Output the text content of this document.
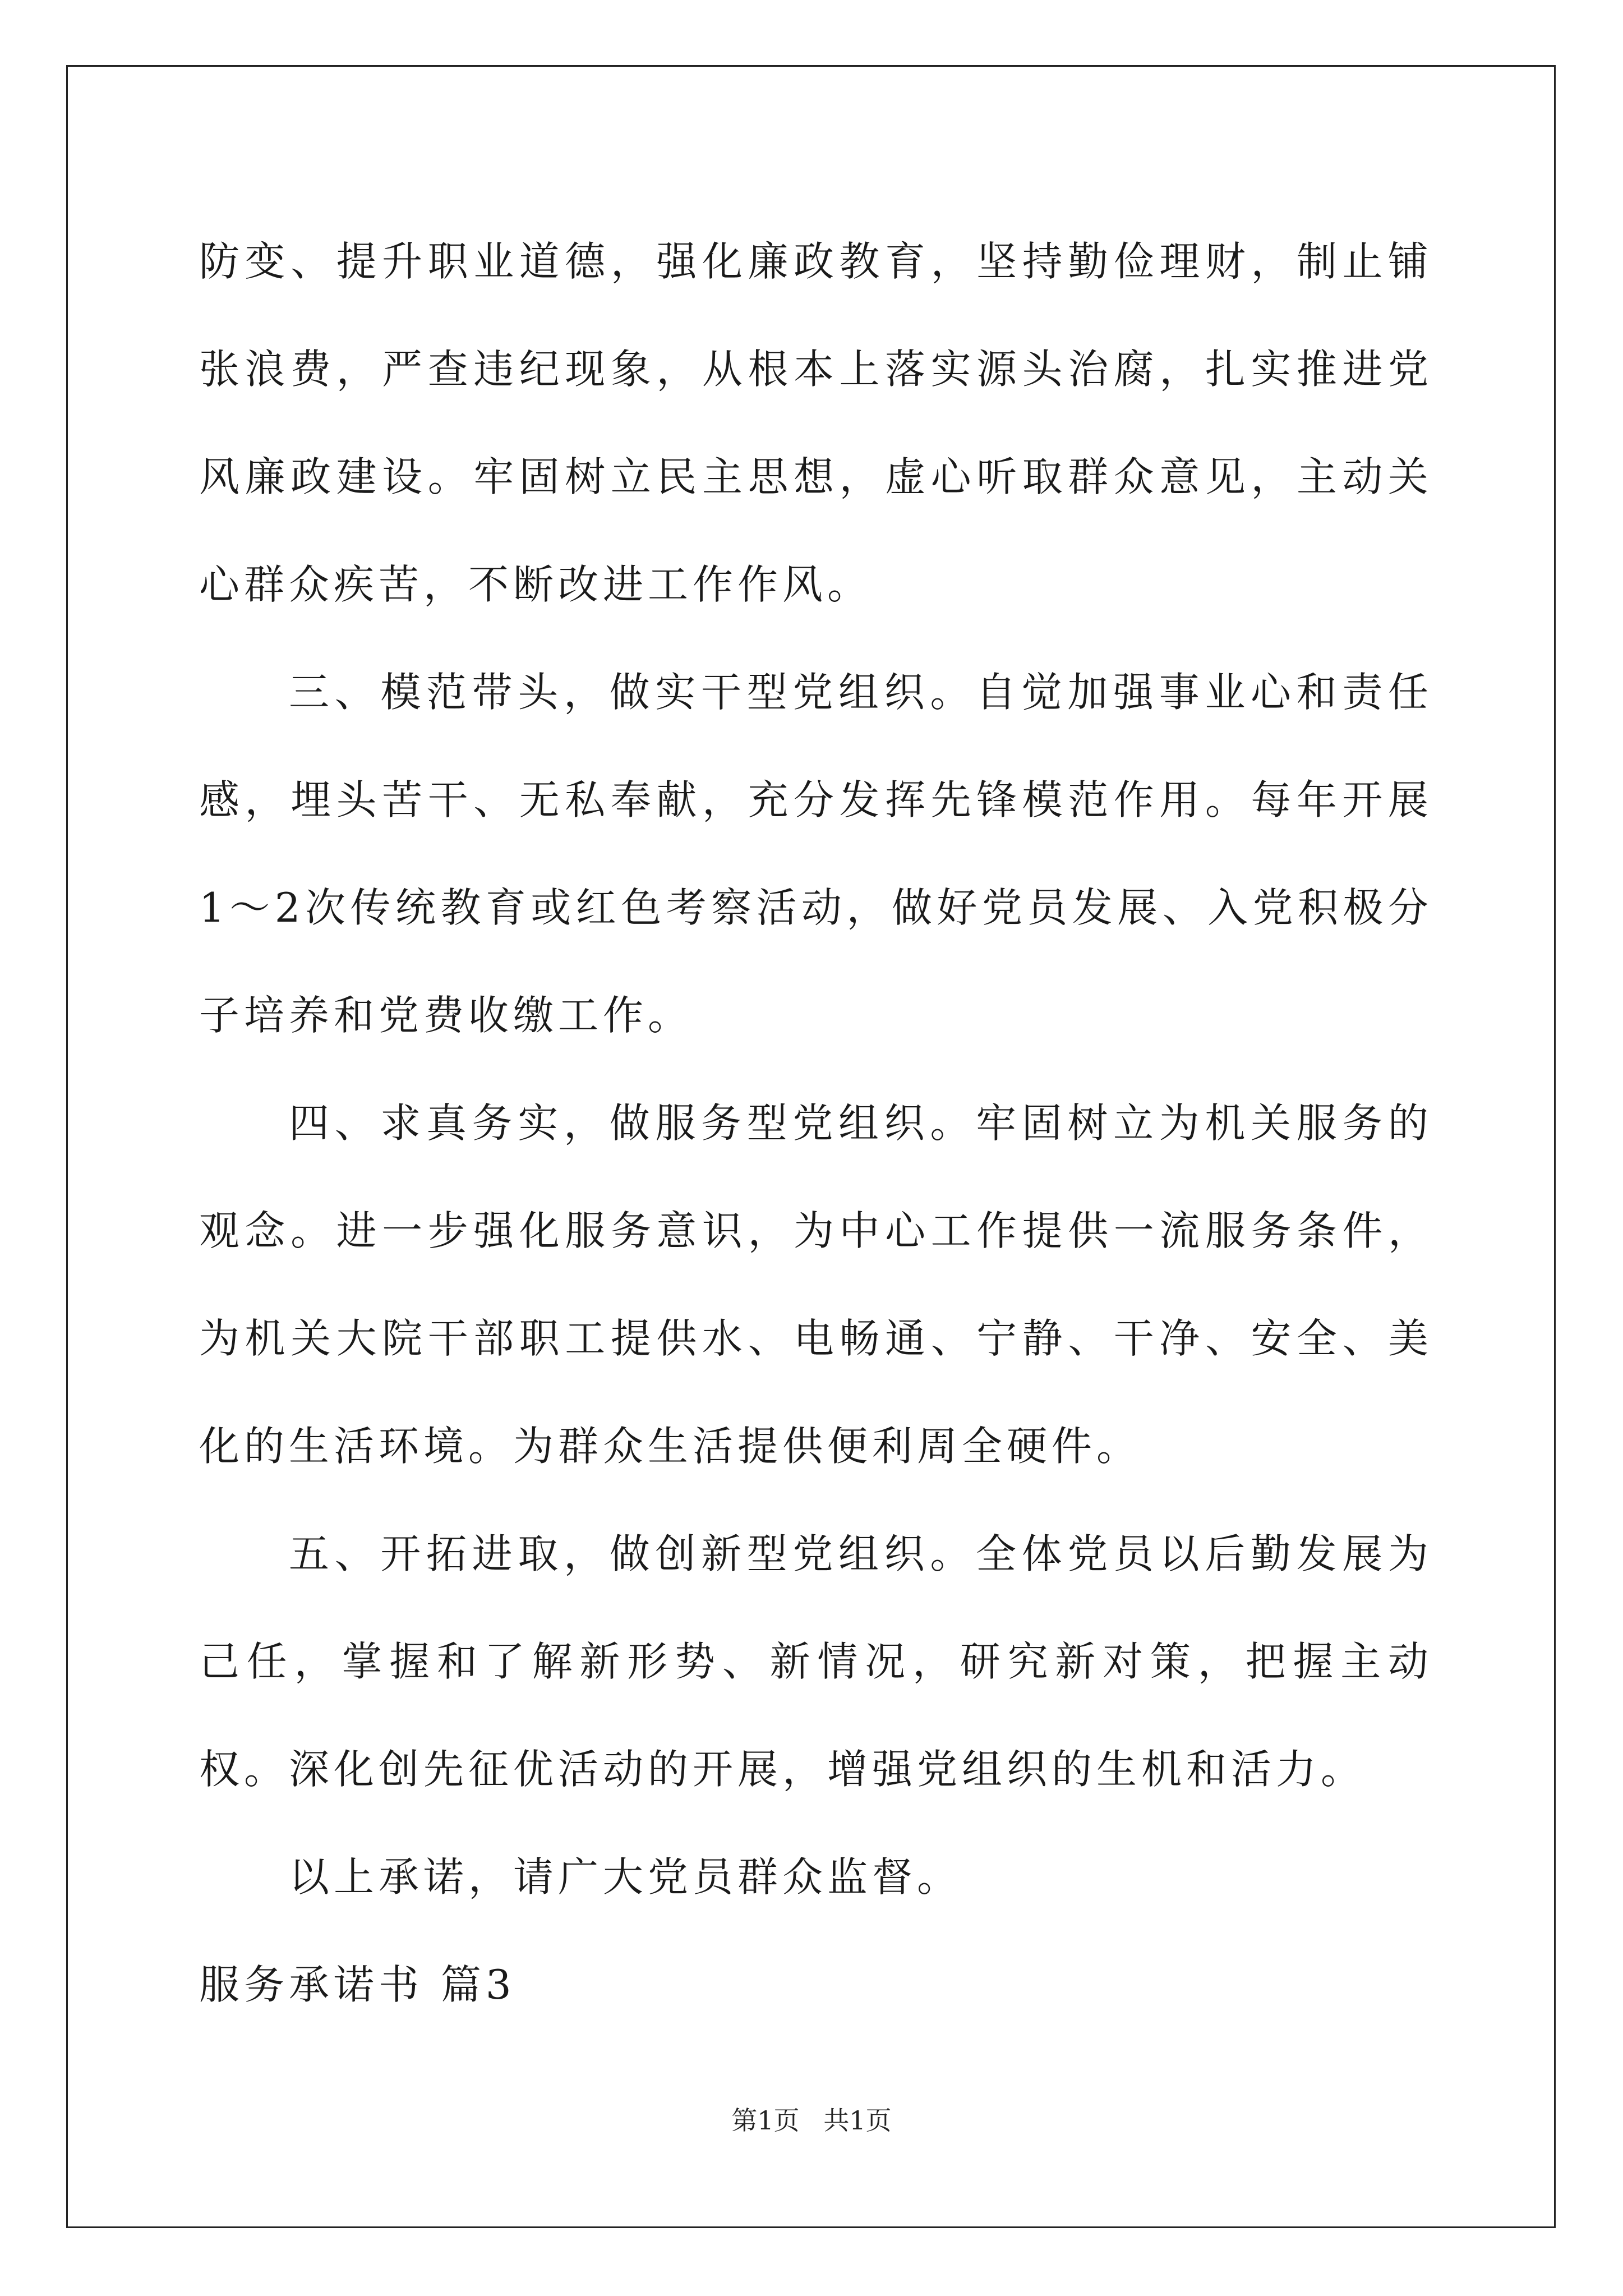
防变、提升职业道德，强化廉政教育，坚持勤俭理财，制止铺张浪费，严查违纪现象，从根本上落实源头治腐，扎实推进党风廉政建设。牢固树立民主思想，虚心听取群众意见，主动关心群众疾苦，不断改进工作作风。

三、模范带头，做实干型党组织。自觉加强事业心和责任感，埋头苦干、无私奉献，充分发挥先锋模范作用。每年开展1～2次传统教育或红色考察活动，做好党员发展、入党积极分子培养和党费收缴工作。

四、求真务实，做服务型党组织。牢固树立为机关服务的观念。进一步强化服务意识，为中心工作提供一流服务条件，为机关大院干部职工提供水、电畅通、宁静、干净、安全、美化的生活环境。为群众生活提供便利周全硬件。

五、开拓进取，做创新型党组织。全体党员以后勤发展为己任，掌握和了解新形势、新情况，研究新对策，把握主动权。深化创先征优活动的开展，增强党组织的生机和活力。

以上承诺，请广大党员群众监督。

服务承诺书 篇3

第1页 共1页
